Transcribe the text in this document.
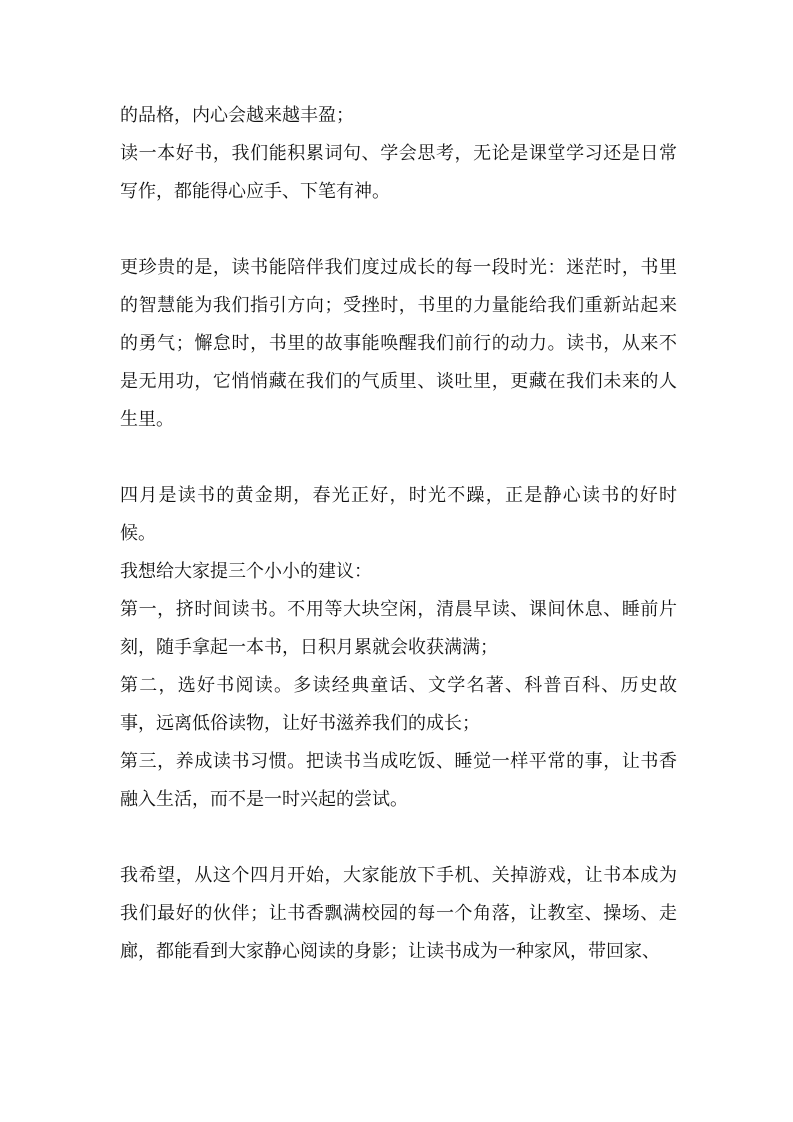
的品格，内心会越来越丰盈；

读一本好书，我们能积累词句、学会思考，无论是课堂学习还是日常写作，都能得心应手、下笔有神。

更珍贵的是，读书能陪伴我们度过成长的每一段时光：迷茫时，书里的智慧能为我们指引方向；受挫时，书里的力量能给我们重新站起来的勇气；懈怠时，书里的故事能唤醒我们前行的动力。读书，从来不是无用功，它悄悄藏在我们的气质里、谈吐里，更藏在我们未来的人生里。

四月是读书的黄金期，春光正好，时光不躁，正是静心读书的好时候。

我想给大家提三个小小的建议：

第一，挤时间读书。不用等大块空闲，清晨早读、课间休息、睡前片刻，随手拿起一本书，日积月累就会收获满满；

第二，选好书阅读。多读经典童话、文学名著、科普百科、历史故事，远离低俗读物，让好书滋养我们的成长；

第三，养成读书习惯。把读书当成吃饭、睡觉一样平常的事，让书香融入生活，而不是一时兴起的尝试。

我希望，从这个四月开始，大家能放下手机、关掉游戏，让书本成为我们最好的伙伴；让书香飘满校园的每一个角落，让教室、操场、走廊，都能看到大家静心阅读的身影；让读书成为一种家风，带回家、
